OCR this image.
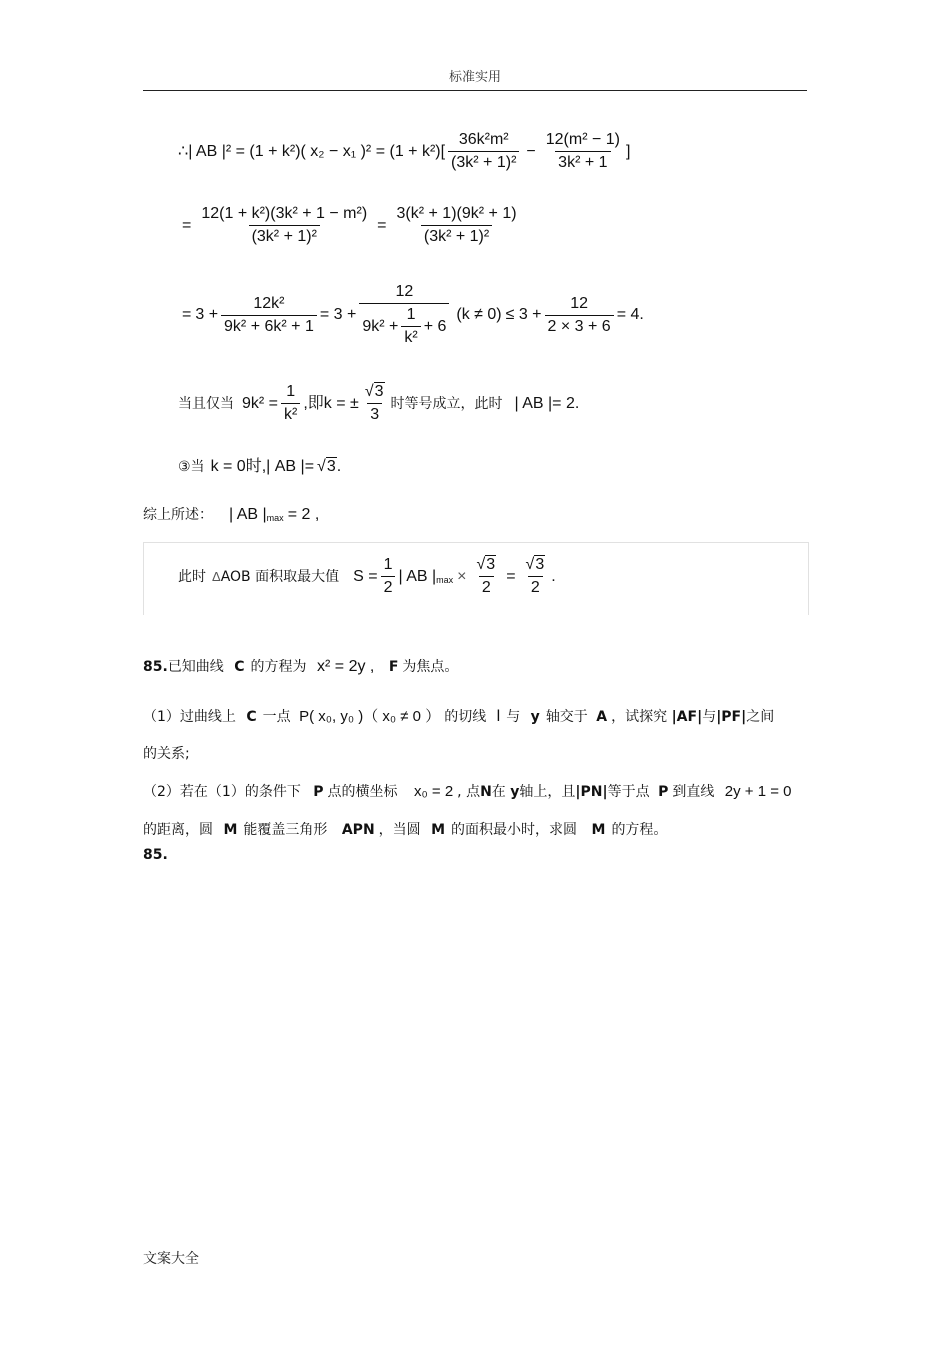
标准实用
∴ | AB |² = (1 + k²)( x₂ − x₁ )$^2 = (1 + k^2)[ \frac{\text{36k²m²}}{\text{(3k² + 1)²}} - \frac{\text{12(m² − 1)}}{\text{3k² + 1}}$ ]
= $\frac{\text{12(1 + k²)(3k² + 1 − m²)}}{\text{(3k² + 1)²}} = \frac{\text{3(k² + 1)(9k² + 1)}}{\text{(3k² + 1)²}}$
= $3 + \frac{\text{12k²}}{\text{9k² + 6k² + 1}} = 3 + \frac{12}{9k^2 + \frac{1}{\text{k²}} + 6} (k \ne 0) \le 3 + \frac{12}{2 \times 3 + 6} = 4$.
当且仅当 $9k^2 = \frac{1}{\text{k²}}$ ,即k = ± $\frac{√3}{3}$ 时等号成立，此时 | AB |= 2.
③当 k = 0时,| AB |= √3 .
综上所述： | AB $|_{max} = 2$ ,
此时 Δ AOB 面积取最大值 $S = \frac{1}{2}$ | AB $|_{max} \times \frac{√3}{2} = \frac{√3}{2}$ .
85.已知曲线 C 的方程为 x² = 2y , F 为焦点。
（1）过曲线上 C 一点 P( x₀, y₀ )（ x₀ ≠ 0 ） 的切线 l 与 y 轴交于 A ，试探究 |AF|与|PF|之间
的关系;
（2）若在（1）的条件下 P 点的横坐标 x₀ = 2 , 点N在 y轴上，且|PN|等于点 P 到直线 2y + 1 = 0
的距离，圆 M 能覆盖三角形 APN ，当圆 M 的面积最小时，求圆 M 的方程。
85.
文案大全
